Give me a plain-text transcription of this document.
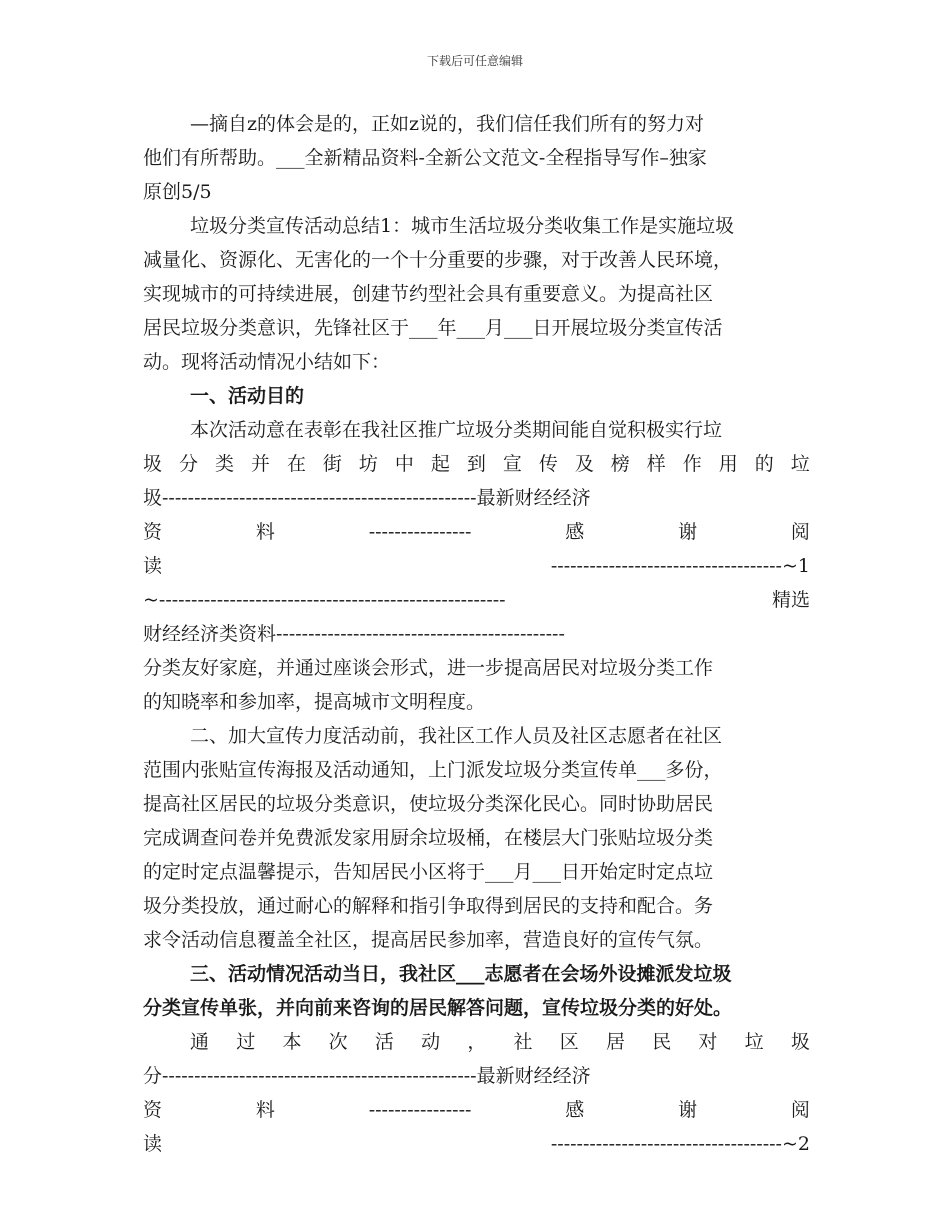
下载后可任意编辑
—摘自z的体会是的，正如z说的，我们信任我们所有的努力对
他们有所帮助。___全新精品资料-全新公文范文-全程指导写作–独家
原创5/5
垃圾分类宣传活动总结1：城市生活垃圾分类收集工作是实施垃圾
减量化、资源化、无害化的一个十分重要的步骤，对于改善人民环境，
实现城市的可持续进展，创建节约型社会具有重要意义。为提高社区
居民垃圾分类意识，先锋社区于___年___月___日开展垃圾分类宣传活
动。现将活动情况小结如下：
一、活动目的
本次活动意在表彰在我社区推广垃圾分类期间能自觉积极实行垃
圾 分 类 并 在 街 坊 中 起 到 宣 传 及 榜 样 作 用 的 垃
圾-------------------------------------------------最新财经经济
资	料	----------------	感	谢	阅
读	------------------------------------~1
~------------------------------------------------------	精选
财经经济类资料---------------------------------------------
分类友好家庭，并通过座谈会形式，进一步提高居民对垃圾分类工作
的知晓率和参加率，提高城市文明程度。
二、加大宣传力度活动前，我社区工作人员及社区志愿者在社区
范围内张贴宣传海报及活动通知，上门派发垃圾分类宣传单___多份，
提高社区居民的垃圾分类意识，使垃圾分类深化民心。同时协助居民
完成调查问卷并免费派发家用厨余垃圾桶，在楼层大门张贴垃圾分类
的定时定点温馨提示，告知居民小区将于___月___日开始定时定点垃
圾分类投放，通过耐心的解释和指引争取得到居民的支持和配合。务
求令活动信息覆盖全社区，提高居民参加率，营造良好的宣传气氛。
三、活动情况活动当日，我社区___志愿者在会场外设摊派发垃圾
分类宣传单张，并向前来咨询的居民解答问题，宣传垃圾分类的好处。
通 过 本 次 活 动 ， 社 区 居 民 对 垃 圾
分-------------------------------------------------最新财经经济
资	料	----------------	感	谢	阅
读	------------------------------------~2
